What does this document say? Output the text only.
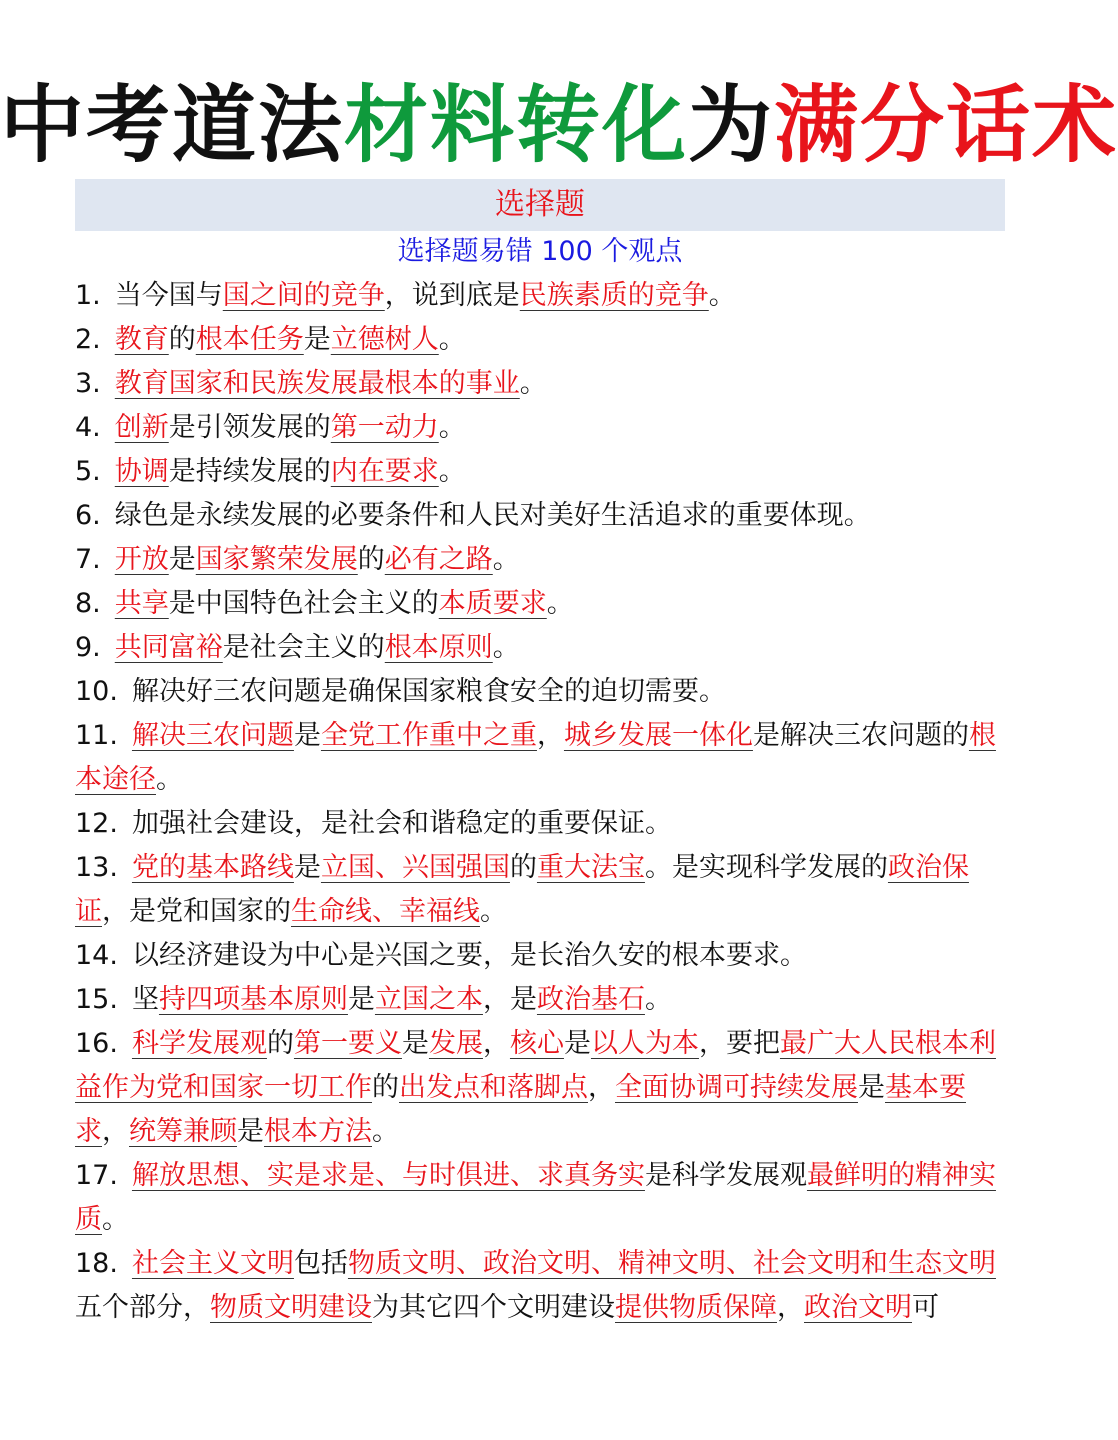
中考道法材料转化为满分话术
选择题
选择题易错 100 个观点

1. 当今国与国之间的竞争，说到底是民族素质的竞争。

2. 教育的根本任务是立德树人。

3. 教育国家和民族发展最根本的事业。

4. 创新是引领发展的第一动力。

5. 协调是持续发展的内在要求。

6. 绿色是永续发展的必要条件和人民对美好生活追求的重要体现。

7. 开放是国家繁荣发展的必有之路。

8. 共享是中国特色社会主义的本质要求。

9. 共同富裕是社会主义的根本原则。

10. 解决好三农问题是确保国家粮食安全的迫切需要。

11. 解决三农问题是全党工作重中之重，城乡发展一体化是解决三农问题的根本途径。

12. 加强社会建设，是社会和谐稳定的重要保证。

13. 党的基本路线是立国、兴国强国的重大法宝。是实现科学发展的政治保证，是党和国家的生命线、幸福线。

14. 以经济建设为中心是兴国之要，是长治久安的根本要求。

15. 坚持四项基本原则是立国之本，是政治基石。

16. 科学发展观的第一要义是发展，核心是以人为本，要把最广大人民根本利益作为党和国家一切工作的出发点和落脚点，全面协调可持续发展是基本要求，统筹兼顾是根本方法。

17. 解放思想、实是求是、与时俱进、求真务实是科学发展观最鲜明的精神实质。

18. 社会主义文明包括物质文明、政治文明、精神文明、社会文明和生态文明五个部分，物质文明建设为其它四个文明建设提供物质保障，政治文明可
